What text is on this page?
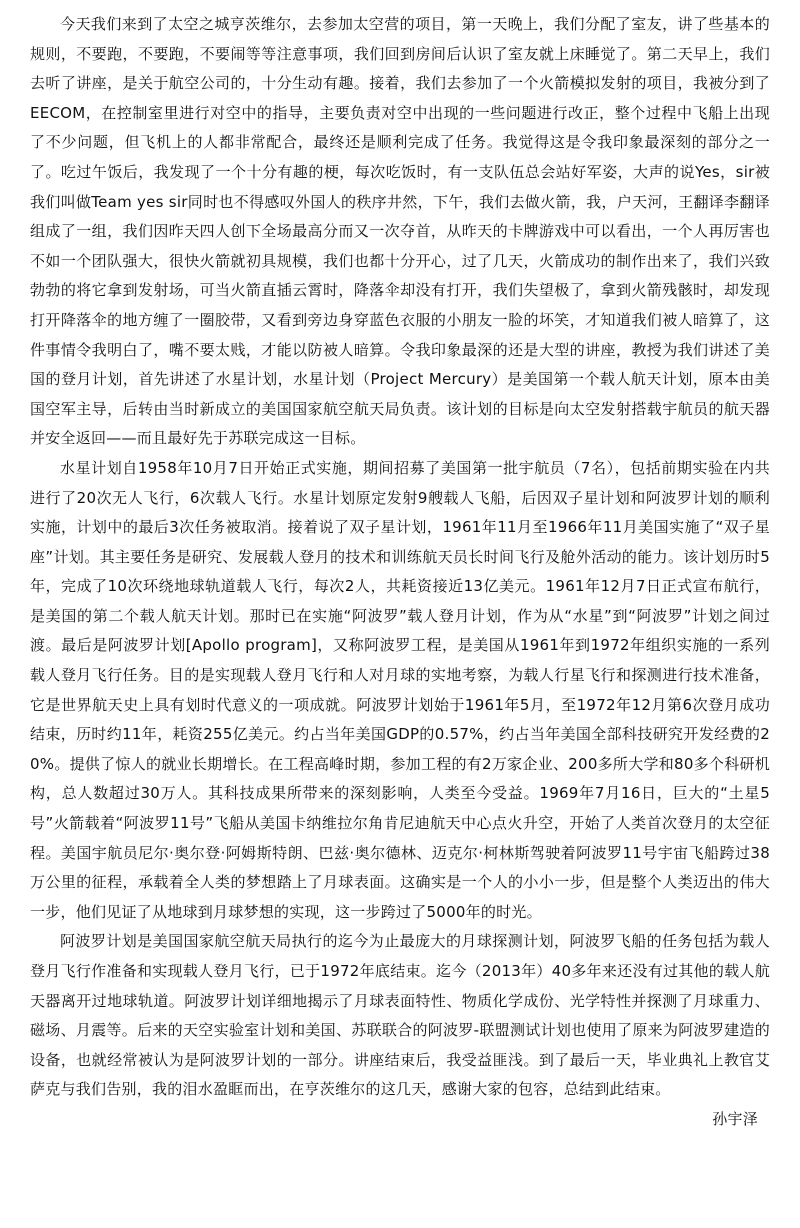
今天我们来到了太空之城亨茨维尔，去参加太空营的项目，第一天晚上，我们分配了室友，讲了些基本的规则，不要跑，不要跑，不要闹等等注意事项，我们回到房间后认识了室友就上床睡觉了。第二天早上，我们去听了讲座，是关于航空公司的，十分生动有趣。接着，我们去参加了一个火箭模拟发射的项目，我被分到了EECOM，在控制室里进行对空中的指导，主要负责对空中出现的一些问题进行改正，整个过程中飞船上出现了不少问题，但飞机上的人都非常配合，最终还是顺利完成了任务。我觉得这是令我印象最深刻的部分之一了。吃过午饭后，我发现了一个十分有趣的梗，每次吃饭时，有一支队伍总会站好军姿，大声的说Yes，sir被我们叫做Team yes sir同时也不得感叹外国人的秩序井然，下午，我们去做火箭，我，户天河，王翻译李翻译组成了一组，我们因昨天四人创下全场最高分而又一次夺首，从昨天的卡牌游戏中可以看出，一个人再厉害也不如一个团队强大，很快火箭就初具规模，我们也都十分开心，过了几天，火箭成功的制作出来了，我们兴致勃勃的将它拿到发射场，可当火箭直插云霄时，降落伞却没有打开，我们失望极了，拿到火箭残骸时，却发现打开降落伞的地方缠了一圈胶带，又看到旁边身穿蓝色衣服的小朋友一脸的坏笑，才知道我们被人暗算了，这件事情令我明白了，嘴不要太贱，才能以防被人暗算。令我印象最深的还是大型的讲座，教授为我们讲述了美国的登月计划，首先讲述了水星计划，水星计划（Project Mercury）是美国第一个载人航天计划，原本由美国空军主导，后转由当时新成立的美国国家航空航天局负责。该计划的目标是向太空发射搭载宇航员的航天器并安全返回——而且最好先于苏联完成这一目标。

水星计划自1958年10月7日开始正式实施，期间招募了美国第一批宇航员（7名），包括前期实验在内共进行了20次无人飞行，6次载人飞行。水星计划原定发射9艘载人飞船，后因双子星计划和阿波罗计划的顺利实施，计划中的最后3次任务被取消。接着说了双子星计划，1961年11月至1966年11月美国实施了“双子星座”计划。其主要任务是研究、发展载人登月的技术和训练航天员长时间飞行及舱外活动的能力。该计划历时5年，完成了10次环绕地球轨道载人飞行，每次2人，共耗资接近13亿美元。1961年12月7日正式宣布航行，是美国的第二个载人航天计划。那时已在实施“阿波罗”载人登月计划，作为从“水星”到“阿波罗”计划之间过渡。最后是阿波罗计划[Apollo program]，又称阿波罗工程，是美国从1961年到1972年组织实施的一系列载人登月飞行任务。目的是实现载人登月飞行和人对月球的实地考察，为载人行星飞行和探测进行技术准备，它是世界航天史上具有划时代意义的一项成就。阿波罗计划始于1961年5月，至1972年12月第6次登月成功结束，历时约11年，耗资255亿美元。约占当年美国GDP的0.57%，约占当年美国全部科技研究开发经费的20%。提供了惊人的就业长期增长。在工程高峰时期，参加工程的有2万家企业、200多所大学和80多个科研机构，总人数超过30万人。其科技成果所带来的深刻影响，人类至今受益。1969年7月16日，巨大的“土星5号”火箭载着“阿波罗11号”飞船从美国卡纳维拉尔角肯尼迪航天中心点火升空，开始了人类首次登月的太空征程。美国宇航员尼尔·奥尔登·阿姆斯特朗、巴兹·奥尔德林、迈克尔·柯林斯驾驶着阿波罗11号宇宙飞船跨过38万公里的征程，承载着全人类的梦想踏上了月球表面。这确实是一个人的小小一步，但是整个人类迈出的伟大一步，他们见证了从地球到月球梦想的实现，这一步跨过了5000年的时光。

阿波罗计划是美国国家航空航天局执行的迄今为止最庞大的月球探测计划，阿波罗飞船的任务包括为载人登月飞行作准备和实现载人登月飞行，已于1972年底结束。迄今（2013年）40多年来还没有过其他的载人航天器离开过地球轨道。阿波罗计划详细地揭示了月球表面特性、物质化学成份、光学特性并探测了月球重力、磁场、月震等。后来的天空实验室计划和美国、苏联联合的阿波罗-联盟测试计划也使用了原来为阿波罗建造的设备，也就经常被认为是阿波罗计划的一部分。讲座结束后，我受益匪浅。到了最后一天，毕业典礼上教官艾萨克与我们告别，我的泪水盈眶而出，在亨茨维尔的这几天，感谢大家的包容，总结到此结束。

孙宇泽
